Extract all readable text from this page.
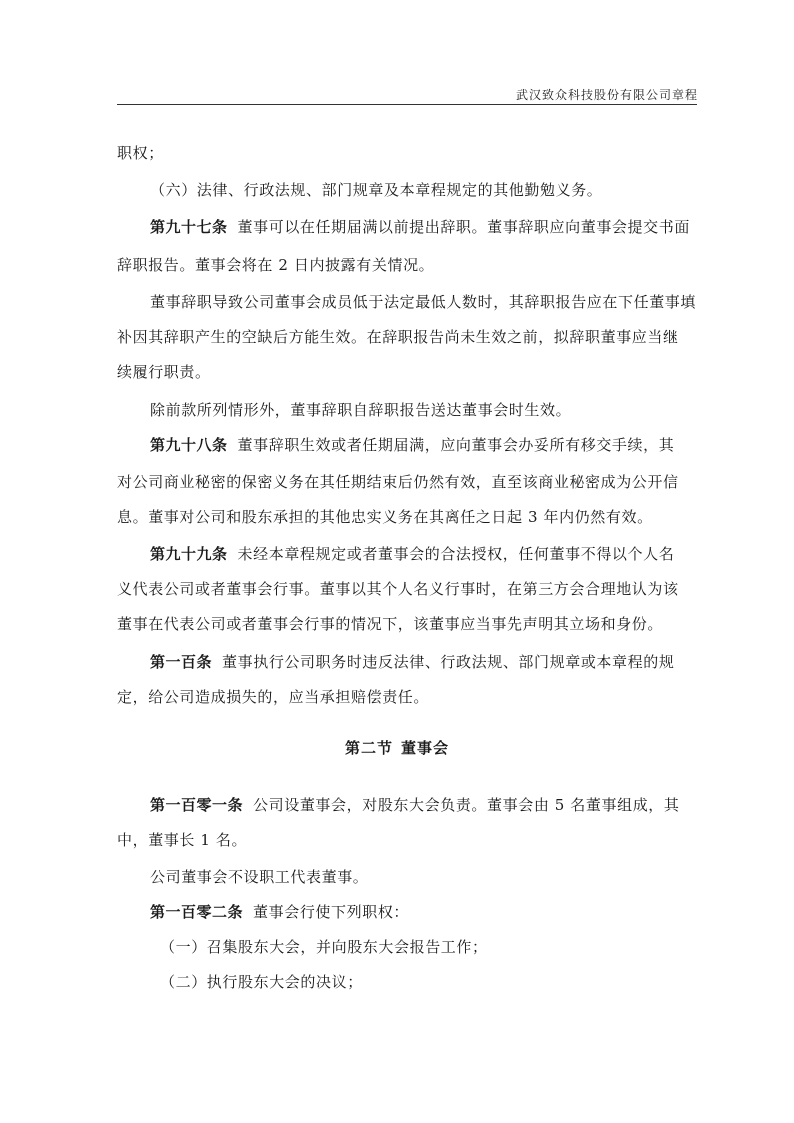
武汉致众科技股份有限公司章程
职权；
（六）法律、行政法规、部门规章及本章程规定的其他勤勉义务。
第九十七条 董事可以在任期届满以前提出辞职。董事辞职应向董事会提交书面
辞职报告。董事会将在 2 日内披露有关情况。
董事辞职导致公司董事会成员低于法定最低人数时，其辞职报告应在下任董事填
补因其辞职产生的空缺后方能生效。在辞职报告尚未生效之前，拟辞职董事应当继
续履行职责。
除前款所列情形外，董事辞职自辞职报告送达董事会时生效。
第九十八条 董事辞职生效或者任期届满，应向董事会办妥所有移交手续，其
对公司商业秘密的保密义务在其任期结束后仍然有效，直至该商业秘密成为公开信
息。董事对公司和股东承担的其他忠实义务在其离任之日起 3 年内仍然有效。
第九十九条 未经本章程规定或者董事会的合法授权，任何董事不得以个人名
义代表公司或者董事会行事。董事以其个人名义行事时，在第三方会合理地认为该
董事在代表公司或者董事会行事的情况下，该董事应当事先声明其立场和身份。
第一百条 董事执行公司职务时违反法律、行政法规、部门规章或本章程的规
定，给公司造成损失的，应当承担赔偿责任。
第二节 董事会
第一百零一条 公司设董事会，对股东大会负责。董事会由 5 名董事组成，其
中，董事长 1 名。
公司董事会不设职工代表董事。
第一百零二条 董事会行使下列职权：
（一）召集股东大会，并向股东大会报告工作；
（二）执行股东大会的决议；
